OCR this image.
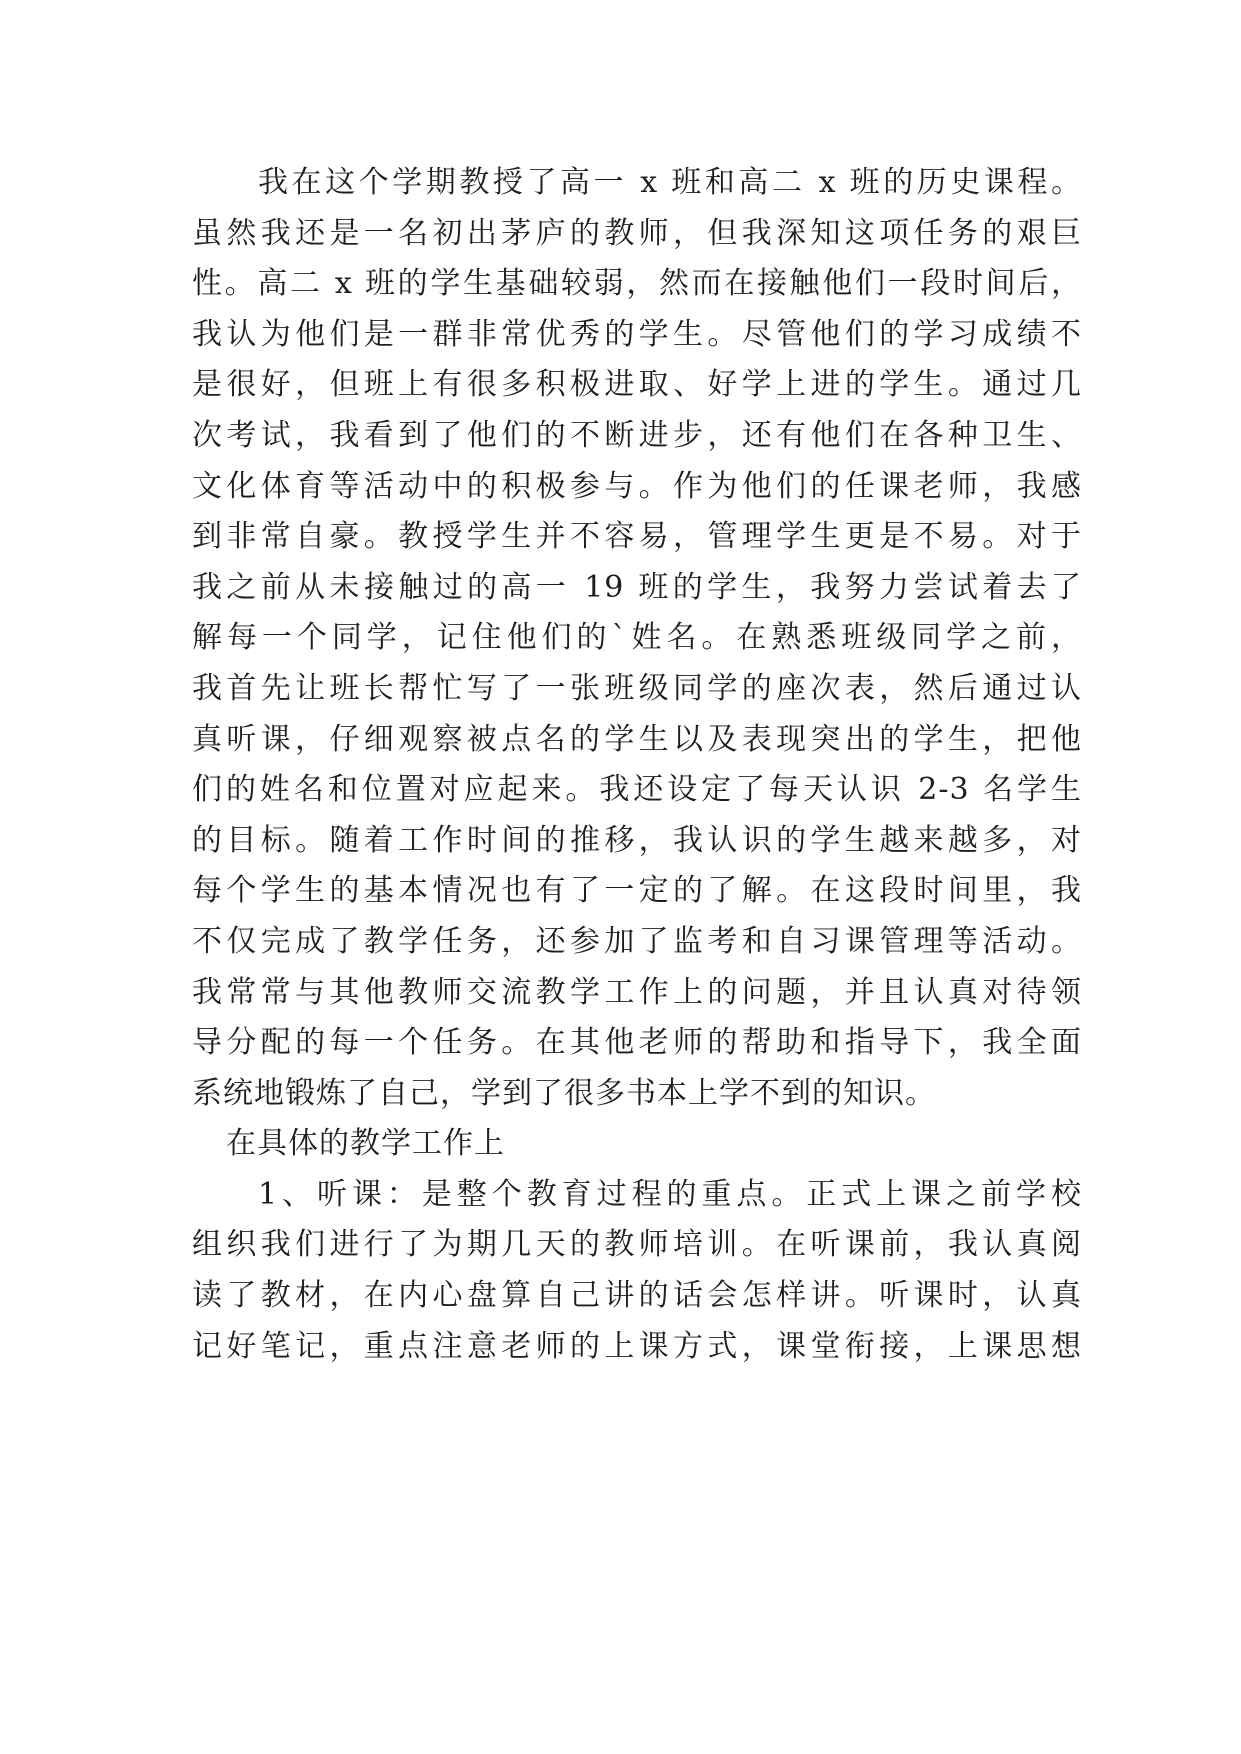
我在这个学期教授了高一 x 班和高二 x 班的历史课程。
虽然我还是一名初出茅庐的教师，但我深知这项任务的艰巨
性。高二 x 班的学生基础较弱，然而在接触他们一段时间后，
我认为他们是一群非常优秀的学生。尽管他们的学习成绩不
是很好，但班上有很多积极进取、好学上进的学生。通过几
次考试，我看到了他们的不断进步，还有他们在各种卫生、
文化体育等活动中的积极参与。作为他们的任课老师，我感
到非常自豪。教授学生并不容易，管理学生更是不易。对于
我之前从未接触过的高一 19 班的学生，我努力尝试着去了
解每一个同学，记住他们的`姓名。在熟悉班级同学之前，
我首先让班长帮忙写了一张班级同学的座次表，然后通过认
真听课，仔细观察被点名的学生以及表现突出的学生，把他
们的姓名和位置对应起来。我还设定了每天认识 2-3 名学生
的目标。随着工作时间的推移，我认识的学生越来越多，对
每个学生的基本情况也有了一定的了解。在这段时间里，我
不仅完成了教学任务，还参加了监考和自习课管理等活动。
我常常与其他教师交流教学工作上的问题，并且认真对待领
导分配的每一个任务。在其他老师的帮助和指导下，我全面
系统地锻炼了自己，学到了很多书本上学不到的知识。
在具体的教学工作上
1、听课：是整个教育过程的重点。正式上课之前学校
组织我们进行了为期几天的教师培训。在听课前，我认真阅
读了教材，在内心盘算自己讲的话会怎样讲。听课时，认真
记好笔记，重点注意老师的上课方式，课堂衔接，上课思想
